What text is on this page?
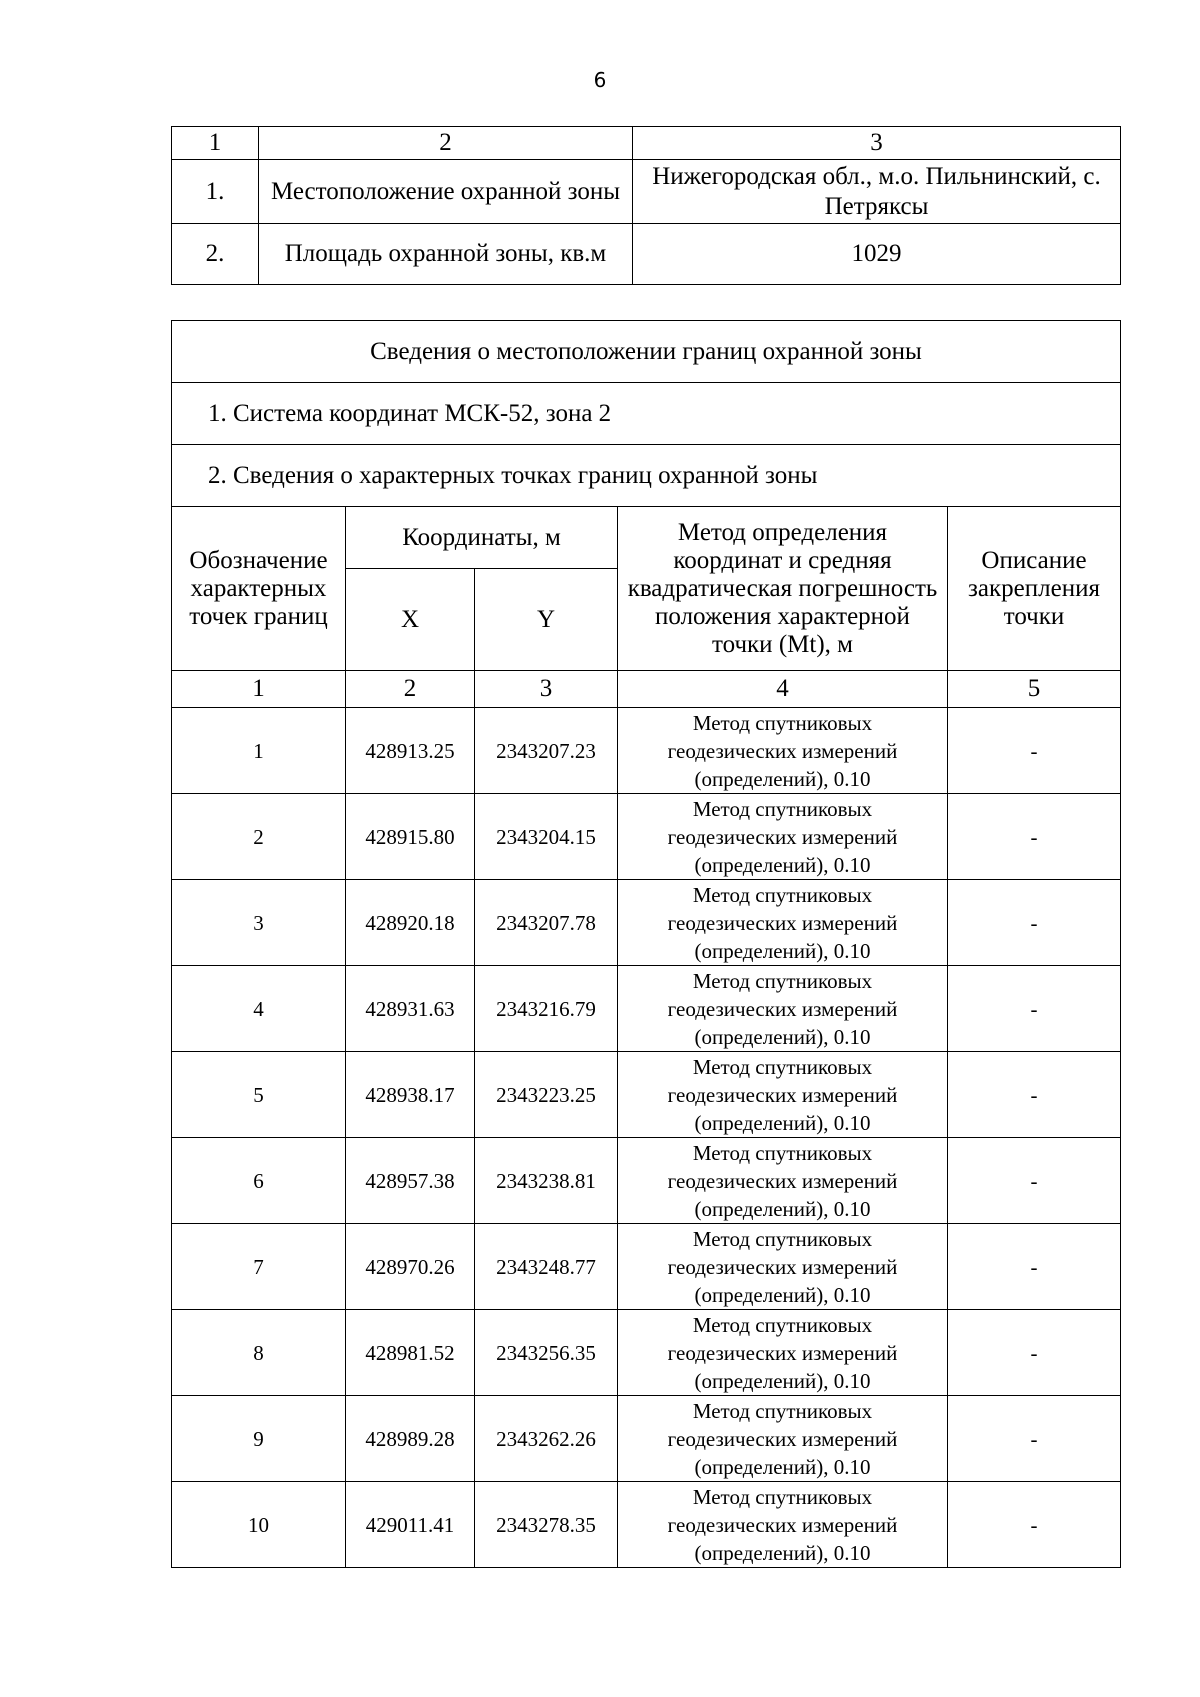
6
1	2	3
1.	Местоположение охранной зоны	Нижегородская обл., м.о. Пильнинский, с. Петряксы
2.	Площадь охранной зоны, кв.м	1029
Сведения о местоположении границ охранной зоны				
1. Система координат МСК-52, зона 2				
2. Сведения о характерных точках границ охранной зоны				
Обозначение характерных точек границ	Координаты, м		Метод определения координат и средняя квадратическая погрешность положения характерной точки (Mt), м	Описание закрепления точки
	X	Y		
1	2	3	4	5
1	428913.25	2343207.23	Метод спутниковых геодезических измерений (определений), 0.10	-
2	428915.80	2343204.15	Метод спутниковых геодезических измерений (определений), 0.10	-
3	428920.18	2343207.78	Метод спутниковых геодезических измерений (определений), 0.10	-
4	428931.63	2343216.79	Метод спутниковых геодезических измерений (определений), 0.10	-
5	428938.17	2343223.25	Метод спутниковых геодезических измерений (определений), 0.10	-
6	428957.38	2343238.81	Метод спутниковых геодезических измерений (определений), 0.10	-
7	428970.26	2343248.77	Метод спутниковых геодезических измерений (определений), 0.10	-
8	428981.52	2343256.35	Метод спутниковых геодезических измерений (определений), 0.10	-
9	428989.28	2343262.26	Метод спутниковых геодезических измерений (определений), 0.10	-
10	429011.41	2343278.35	Метод спутниковых геодезических измерений (определений), 0.10	-
